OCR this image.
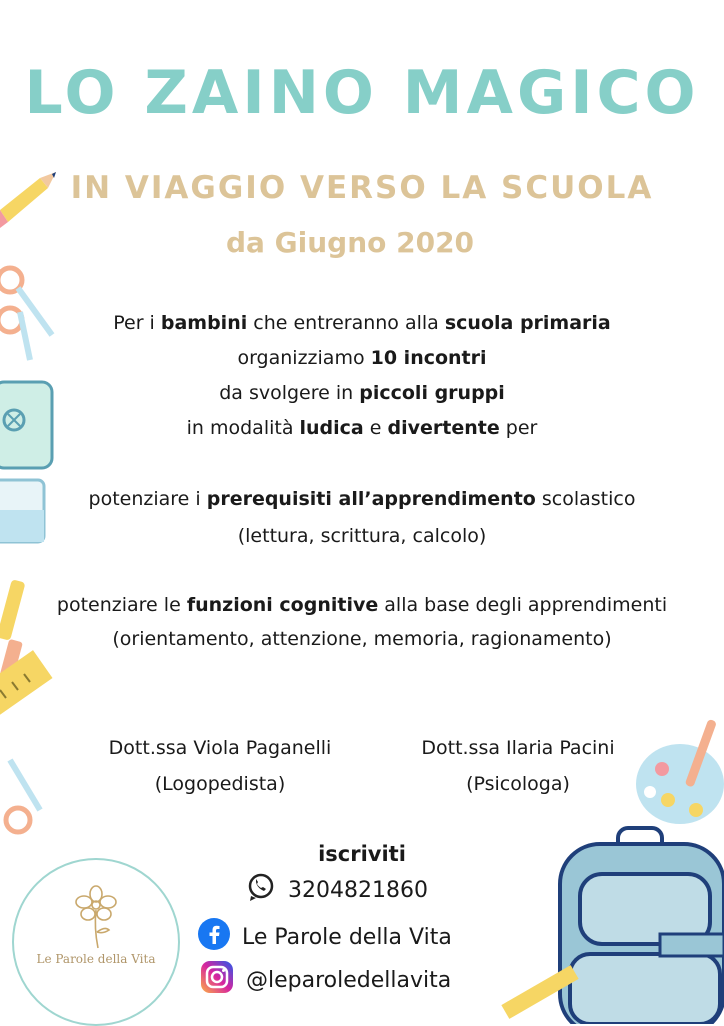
LO ZAINO MAGICO
IN VIAGGIO VERSO LA SCUOLA
da Giugno 2020
Per i bambini che entreranno alla scuola primaria
organizziamo 10 incontri
da svolgere in piccoli gruppi
in modalità ludica e divertente per
potenziare i prerequisiti all’apprendimento scolastico
(lettura, scrittura, calcolo)
potenziare le funzioni cognitive alla base degli apprendimenti
(orientamento, attenzione, memoria, ragionamento)
Dott.ssa Viola Paganelli
(Logopedista)
Dott.ssa Ilaria Pacini
(Psicologa)
iscriviti
3204821860
Le Parole della Vita
@leparoledellavita
Le Parole della Vita
